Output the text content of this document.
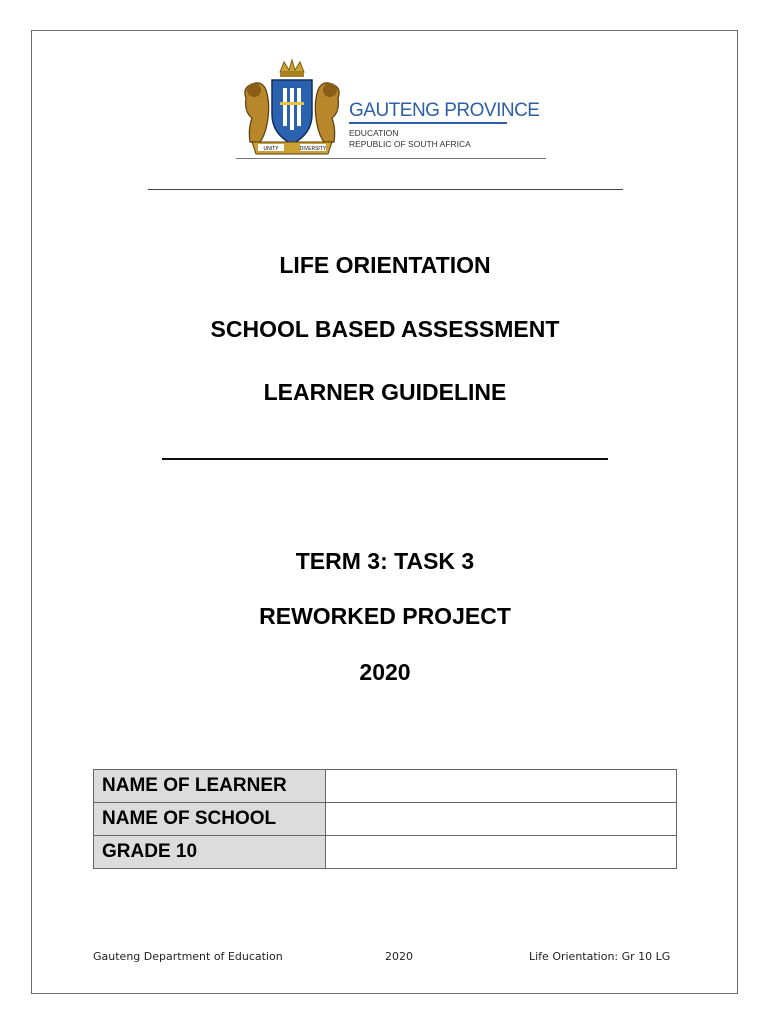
UNITY	DIVERSITY
GAUTENG PROVINCE
EDUCATION
REPUBLIC OF SOUTH AFRICA
LIFE ORIENTATION
SCHOOL BASED ASSESSMENT
LEARNER GUIDELINE
TERM 3: TASK 3
REWORKED PROJECT
2020
NAME OF LEARNER	
NAME OF SCHOOL	
GRADE 10	
Gauteng Department of Education	2020	Life Orientation: Gr 10 LG
